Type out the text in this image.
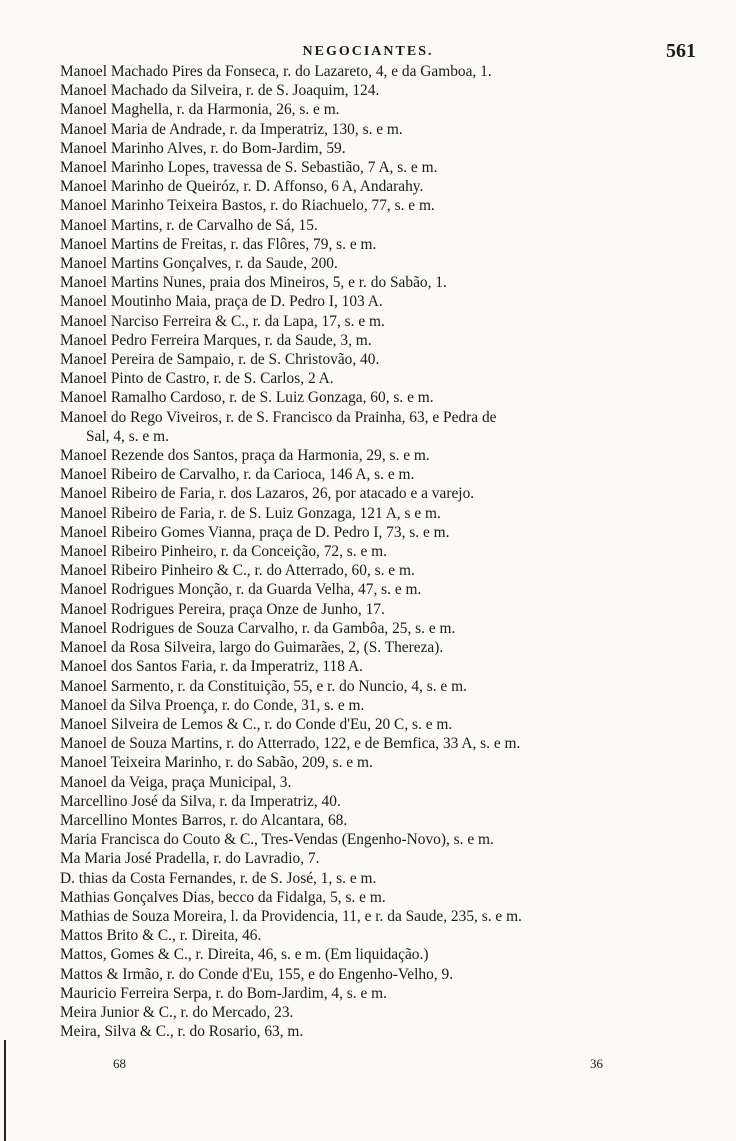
NEGOCIANTES.	561
Manoel Machado Pires da Fonseca, r. do Lazareto, 4, e da Gamboa, 1.
Manoel Machado da Silveira, r. de S. Joaquim, 124.
Manoel Maghella, r. da Harmonia, 26, s. e m.
Manoel Maria de Andrade, r. da Imperatriz, 130, s. e m.
Manoel Marinho Alves, r. do Bom-Jardim, 59.
Manoel Marinho Lopes, travessa de S. Sebastião, 7 A, s. e m.
Manoel Marinho de Queiróz, r. D. Affonso, 6 A, Andarahy.
Manoel Marinho Teixeira Bastos, r. do Riachuelo, 77, s. e m.
Manoel Martins, r. de Carvalho de Sá, 15.
Manoel Martins de Freitas, r. das Flôres, 79, s. e m.
Manoel Martins Gonçalves, r. da Saude, 200.
Manoel Martins Nunes, praia dos Mineiros, 5, e r. do Sabão, 1.
Manoel Moutinho Maia, praça de D. Pedro I, 103 A.
Manoel Narciso Ferreira & C., r. da Lapa, 17, s. e m.
Manoel Pedro Ferreira Marques, r. da Saude, 3, m.
Manoel Pereira de Sampaio, r. de S. Christovão, 40.
Manoel Pinto de Castro, r. de S. Carlos, 2 A.
Manoel Ramalho Cardoso, r. de S. Luiz Gonzaga, 60, s. e m.
Manoel do Rego Viveiros, r. de S. Francisco da Prainha, 63, e Pedra de
Sal, 4, s. e m.
Manoel Rezende dos Santos, praça da Harmonia, 29, s. e m.
Manoel Ribeiro de Carvalho, r. da Carioca, 146 A, s. e m.
Manoel Ribeiro de Faria, r. dos Lazaros, 26, por atacado e a varejo.
Manoel Ribeiro de Faria, r. de S. Luiz Gonzaga, 121 A, s e m.
Manoel Ribeiro Gomes Vianna, praça de D. Pedro I, 73, s. e m.
Manoel Ribeiro Pinheiro, r. da Conceição, 72, s. e m.
Manoel Ribeiro Pinheiro & C., r. do Atterrado, 60, s. e m.
Manoel Rodrigues Monção, r. da Guarda Velha, 47, s. e m.
Manoel Rodrigues Pereira, praça Onze de Junho, 17.
Manoel Rodrigues de Souza Carvalho, r. da Gambôa, 25, s. e m.
Manoel da Rosa Silveira, largo do Guimarães, 2, (S. Thereza).
Manoel dos Santos Faria, r. da Imperatriz, 118 A.
Manoel Sarmento, r. da Constituição, 55, e r. do Nuncio, 4, s. e m.
Manoel da Silva Proença, r. do Conde, 31, s. e m.
Manoel Silveira de Lemos & C., r. do Conde d'Eu, 20 C, s. e m.
Manoel de Souza Martins, r. do Atterrado, 122, e de Bemfica, 33 A, s. e m.
Manoel Teixeira Marinho, r. do Sabão, 209, s. e m.
Manoel da Veiga, praça Municipal, 3.
Marcellino José da Silva, r. da Imperatriz, 40.
Marcellino Montes Barros, r. do Alcantara, 68.
Maria Francisca do Couto & C., Tres-Vendas (Engenho-Novo), s. e m.
Ma Maria José Pradella, r. do Lavradio, 7.
D. thias da Costa Fernandes, r. de S. José, 1, s. e m.
Mathias Gonçalves Dias, becco da Fidalga, 5, s. e m.
Mathias de Souza Moreira, l. da Providencia, 11, e r. da Saude, 235, s. e m.
Mattos Brito & C., r. Direita, 46.
Mattos, Gomes & C., r. Direita, 46, s. e m. (Em liquidação.)
Mattos & Irmão, r. do Conde d'Eu, 155, e do Engenho-Velho, 9.
Mauricio Ferreira Serpa, r. do Bom-Jardim, 4, s. e m.
Meira Junior & C., r. do Mercado, 23.
Meira, Silva & C., r. do Rosario, 63, m.
68	36
